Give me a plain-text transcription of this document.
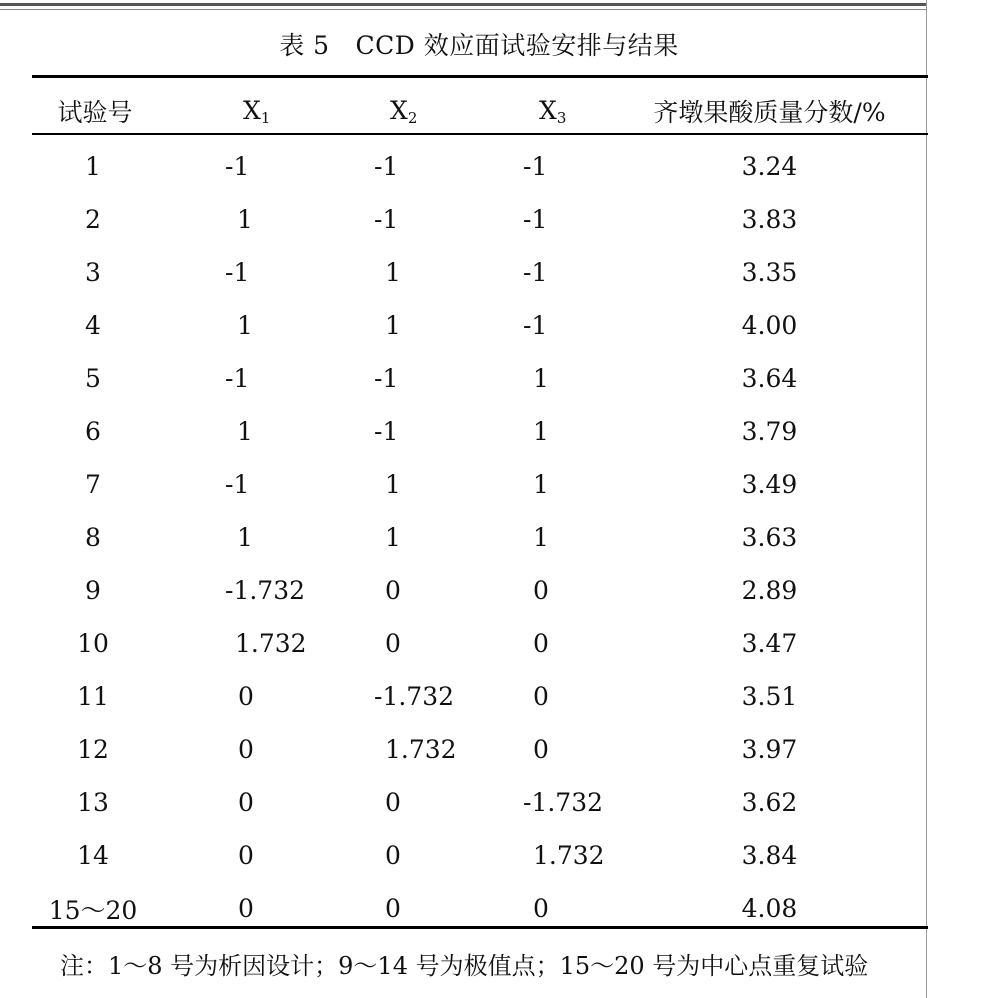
表 5 CCD 效应面试验安排与结果
试验号	$X_1$	$X_2$	$X_3$	齐墩果酸质量分数/%
1	-1	-1	-1	3.24
2	1	-1	-1	3.83
3	-1	1	-1	3.35
4	1	1	-1	4.00
5	-1	-1	1	3.64
6	1	-1	1	3.79
7	-1	1	1	3.49
8	1	1	1	3.63
9	-1.732	0	0	2.89
10	1.732	0	0	3.47
11	0	-1.732	0	3.51
12	0	1.732	0	3.97
13	0	0	-1.732	3.62
14	0	0	1.732	3.84
15～20	0	0	0	4.08
注：1～8 号为析因设计；9～14 号为极值点；15～20 号为中心点重复试验
